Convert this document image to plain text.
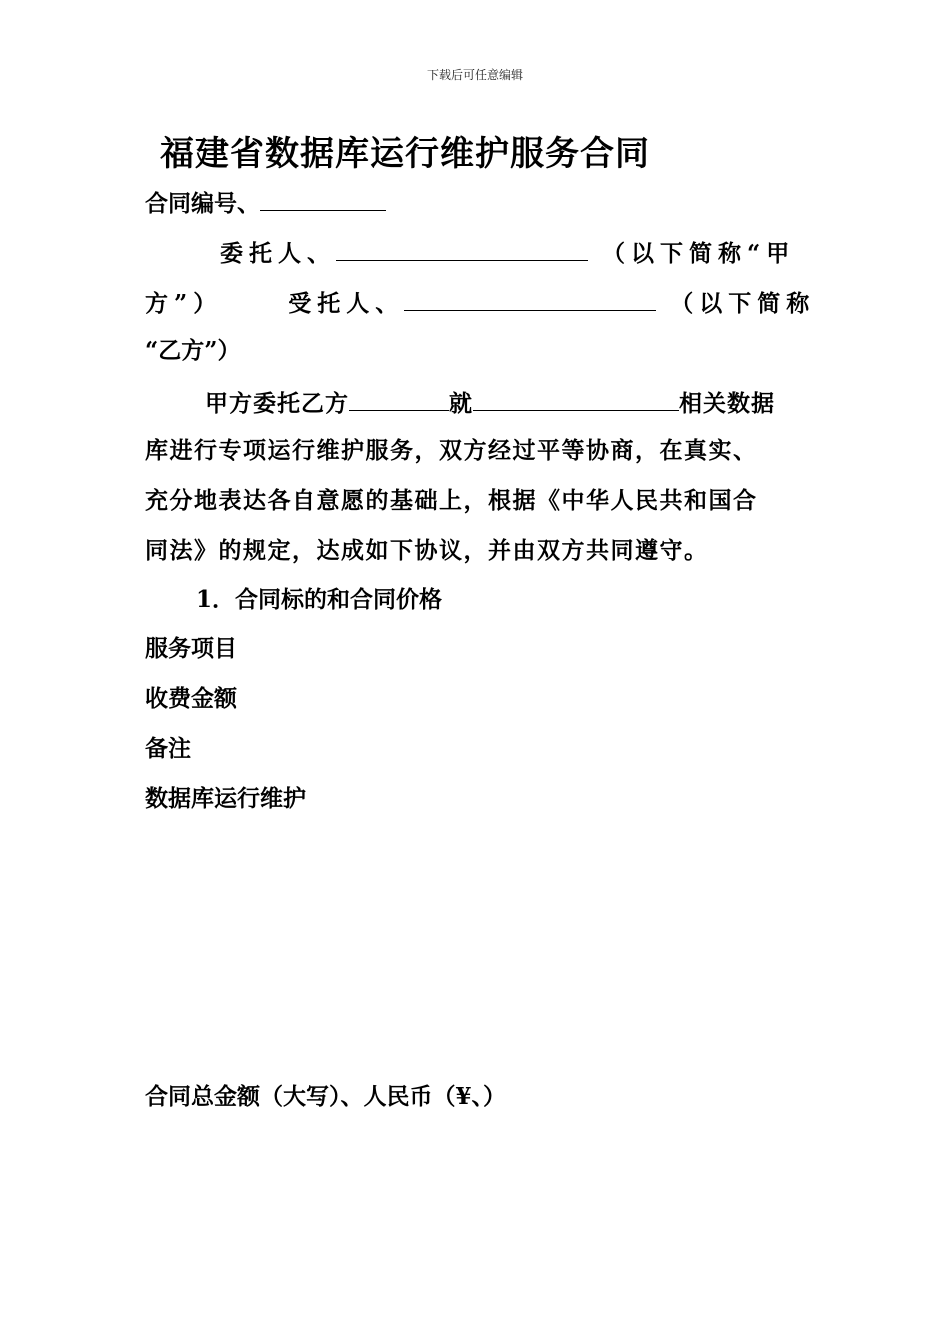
下载后可任意编辑
福建省数据库运行维护服务合同
合同编号、
委托人、	（以下简称“甲
方”）	受托人、	（以下简称
“乙方”）
甲方委托乙方	就	相关数据
库进行专项运行维护服务，双方经过平等协商，在真实、
充分地表达各自意愿的基础上，根据《中华人民共和国合
同法》的规定，达成如下协议，并由双方共同遵守。
1．合同标的和合同价格
服务项目
收费金额
备注
数据库运行维护
合同总金额（大写）、人民币（¥、）
